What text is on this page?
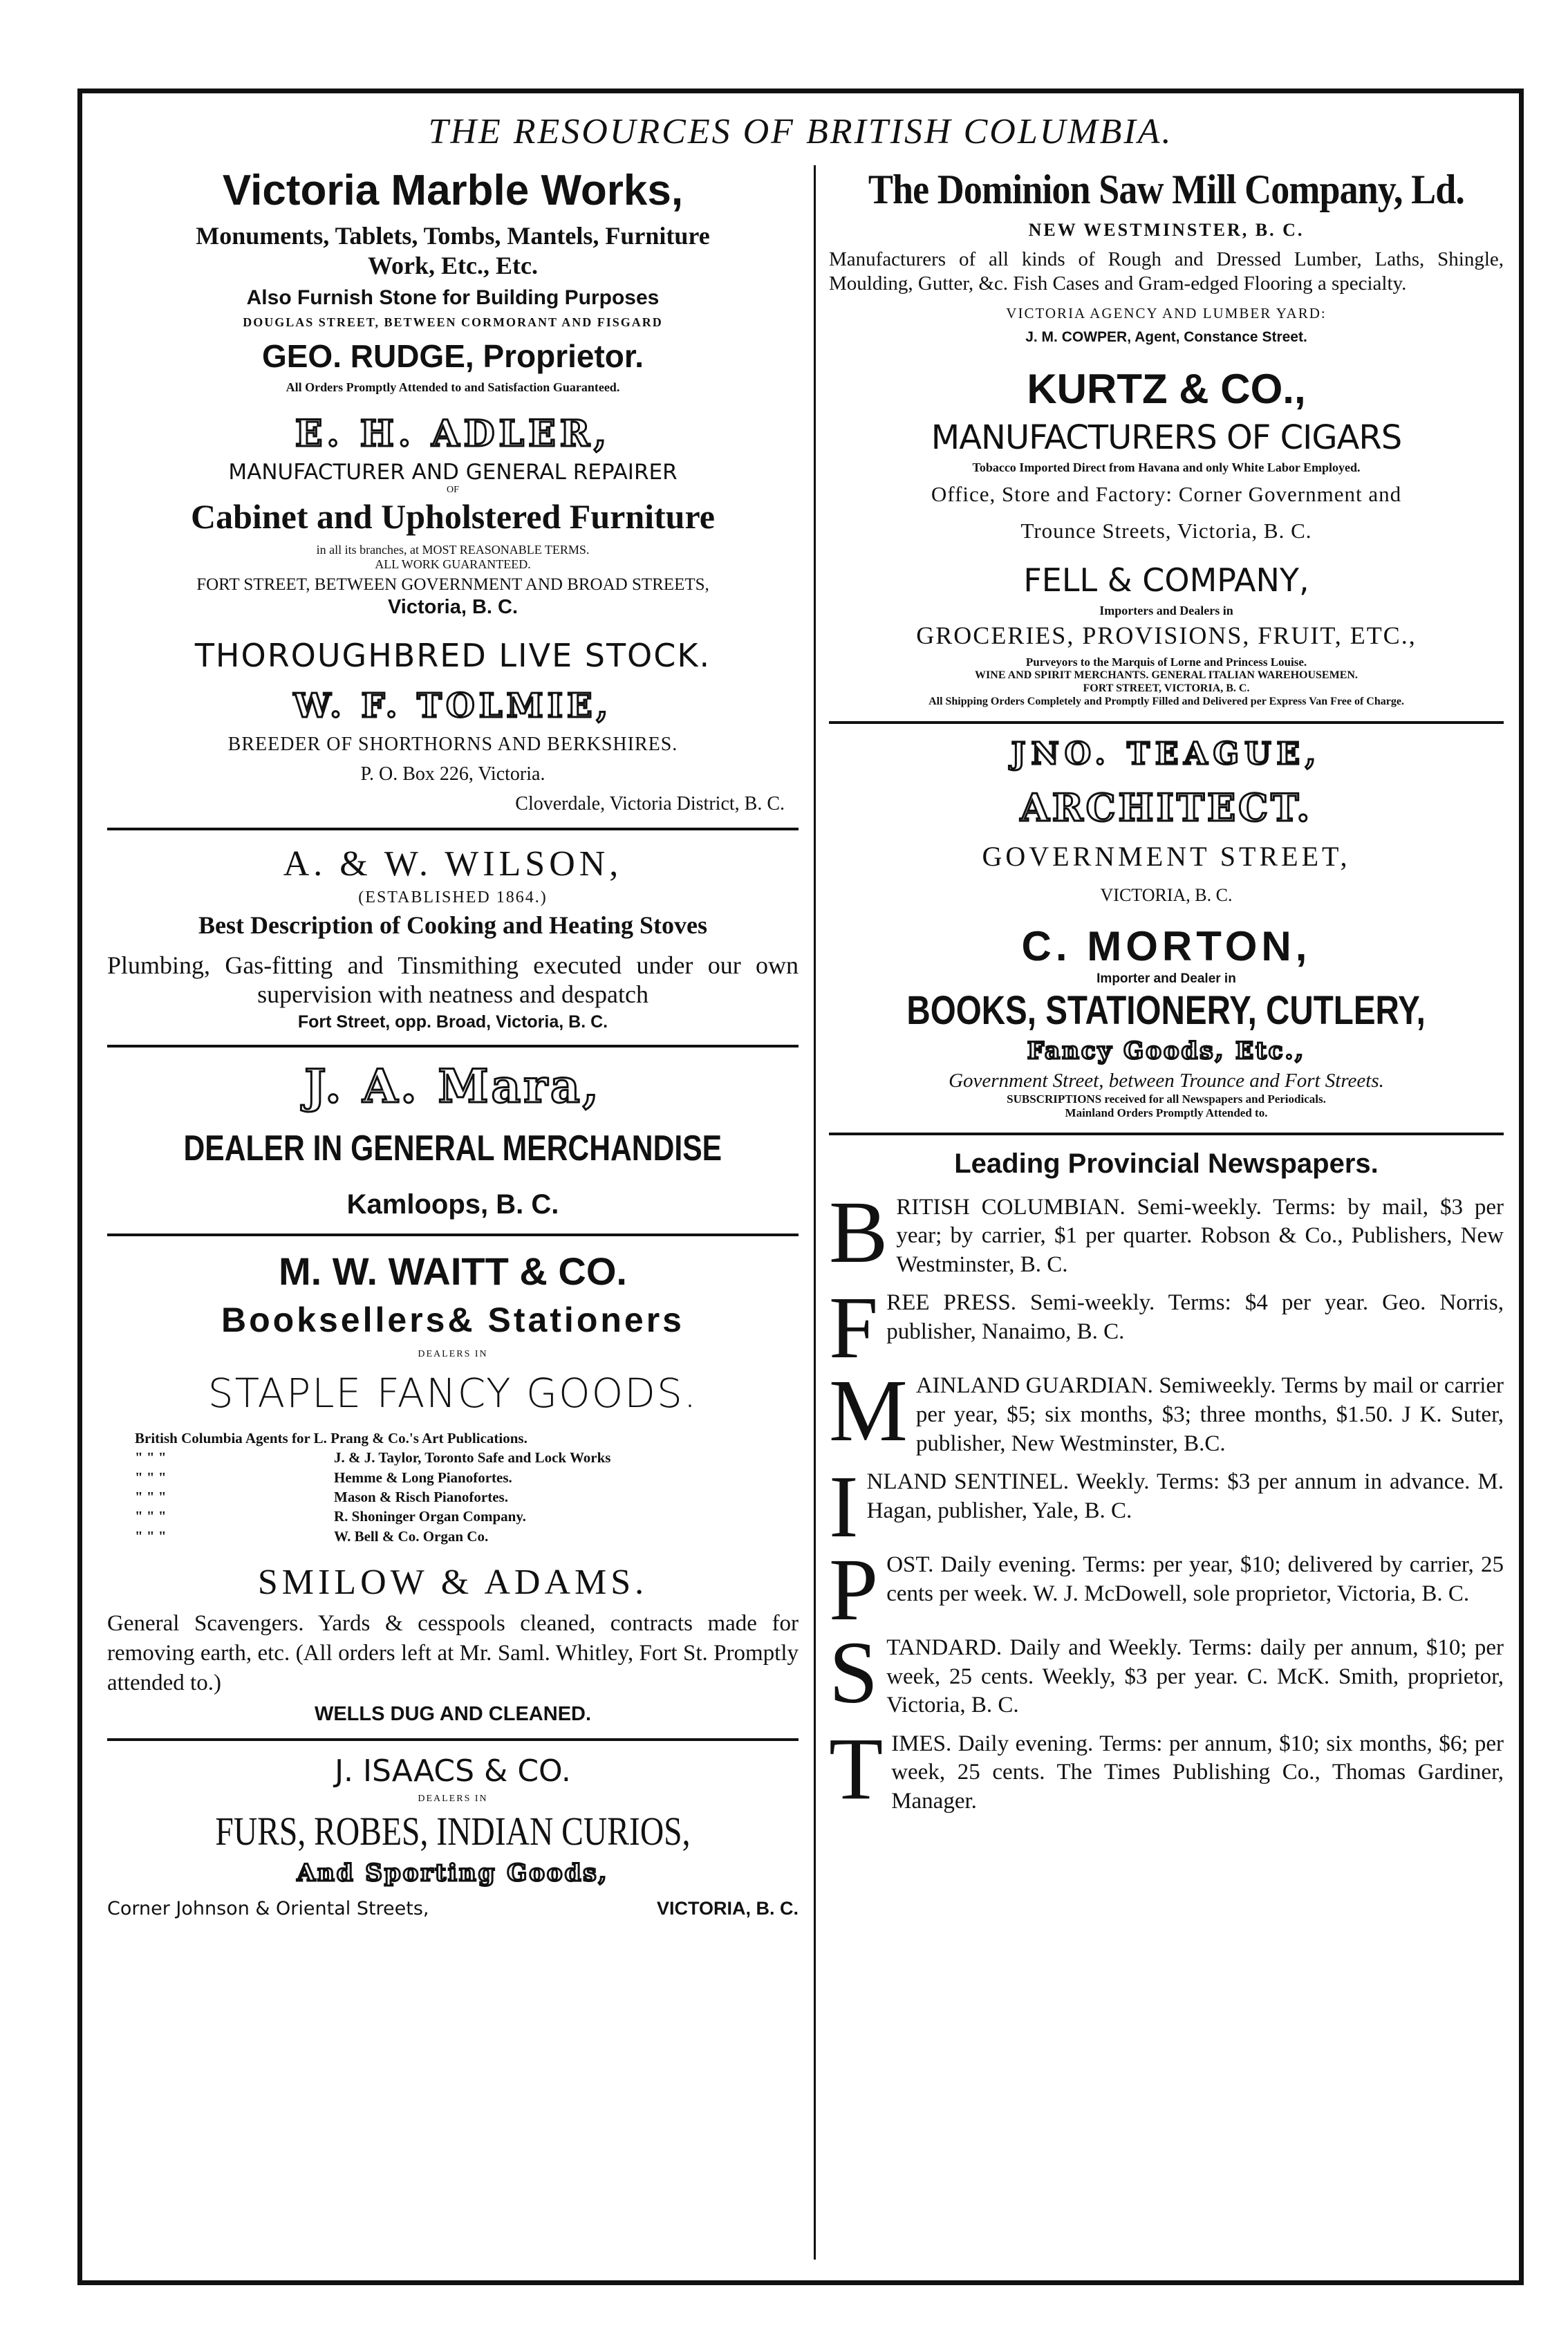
THE RESOURCES OF BRITISH COLUMBIA.

Victoria Marble Works,

Monuments, Tablets, Tombs, Mantels, Furniture

Work, Etc., Etc.

Also Furnish Stone for Building Purposes

DOUGLAS STREET, BETWEEN CORMORANT AND FISGARD

GEO. RUDGE, Proprietor.

All Orders Promptly Attended to and Satisfaction Guaranteed.

E. H. ADLER,

MANUFACTURER AND GENERAL REPAIRER

OF

Cabinet and Upholstered Furniture

in all its branches, at MOST REASONABLE TERMS.

ALL WORK GUARANTEED.

FORT STREET, BETWEEN GOVERNMENT AND BROAD STREETS,

Victoria, B. C.

THOROUGHBRED LIVE STOCK.

W. F. TOLMIE,

BREEDER OF SHORTHORNS AND BERKSHIRES.

P. O. Box 226, Victoria.

Cloverdale, Victoria District, B. C.

A. & W. WILSON,

(ESTABLISHED 1864.)

Best Description of Cooking and Heating Stoves

Plumbing, Gas-fitting and Tinsmithing executed under our own supervision with neatness and despatch

Fort Street, opp. Broad, Victoria, B. C.

J. A. Mara,

DEALER IN GENERAL MERCHANDISE

Kamloops, B. C.

M. W. WAITT & CO.

Booksellers& Stationers

DEALERS IN

STAPLE FANCY GOODS.

British Columbia Agents for L. Prang & Co.'s Art Publications.
" " "	J. & J. Taylor, Toronto Safe and Lock Works
" " "	Hemme & Long Pianofortes.
" " "	Mason & Risch Pianofortes.
" " "	R. Shoninger Organ Company.
" " "	W. Bell & Co. Organ Co.

SMILOW & ADAMS.

General Scavengers. Yards & cesspools cleaned, contracts made for removing earth, etc. (All orders left at Mr. Saml. Whitley, Fort St. Promptly attended to.)

WELLS DUG AND CLEANED.

J. ISAACS & CO.

DEALERS IN

FURS, ROBES, INDIAN CURIOS,

And Sporting Goods,

Corner Johnson & Oriental Streets,	VICTORIA, B. C.

The Dominion Saw Mill Company, Ld.

NEW WESTMINSTER, B. C.

Manufacturers of all kinds of Rough and Dressed Lumber, Laths, Shingle, Moulding, Gutter, &c. Fish Cases and Gram-edged Flooring a specialty.

VICTORIA AGENCY AND LUMBER YARD:

J. M. COWPER, Agent, Constance Street.

KURTZ & CO.,

MANUFACTURERS OF CIGARS

Tobacco Imported Direct from Havana and only White Labor Employed.

Office, Store and Factory: Corner Government and

Trounce Streets, Victoria, B. C.

FELL & COMPANY,

Importers and Dealers in

GROCERIES, PROVISIONS, FRUIT, ETC.,

Purveyors to the Marquis of Lorne and Princess Louise.

WINE AND SPIRIT MERCHANTS. GENERAL ITALIAN WAREHOUSEMEN.

FORT STREET, VICTORIA, B. C.

All Shipping Orders Completely and Promptly Filled and Delivered per Express Van Free of Charge.

JNO. TEAGUE,

ARCHITECT.

GOVERNMENT STREET,

VICTORIA, B. C.

C. MORTON,

Importer and Dealer in

BOOKS, STATIONERY, CUTLERY,

Fancy Goods, Etc.,

Government Street, between Trounce and Fort Streets.

SUBSCRIPTIONS received for all Newspapers and Periodicals.

Mainland Orders Promptly Attended to.

Leading Provincial Newspapers.

BRITISH COLUMBIAN. Semi-weekly. Terms: by mail, $3 per year; by carrier, $1 per quarter. Robson & Co., Publishers, New Westminster, B. C.
FREE PRESS. Semi-weekly. Terms: $4 per year. Geo. Norris, publisher, Nanaimo, B. C.
MAINLAND GUARDIAN. Semiweekly. Terms by mail or carrier per year, $5; six months, $3; three months, $1.50. J K. Suter, publisher, New Westminster, B.C.
INLAND SENTINEL. Weekly. Terms: $3 per annum in advance. M. Hagan, publisher, Yale, B. C.
POST. Daily evening. Terms: per year, $10; delivered by carrier, 25 cents per week. W. J. McDowell, sole proprietor, Victoria, B. C.
STANDARD. Daily and Weekly. Terms: daily per annum, $10; per week, 25 cents. Weekly, $3 per year. C. McK. Smith, proprietor, Victoria, B. C.
TIMES. Daily evening. Terms: per annum, $10; six months, $6; per week, 25 cents. The Times Publishing Co., Thomas Gardiner, Manager.
